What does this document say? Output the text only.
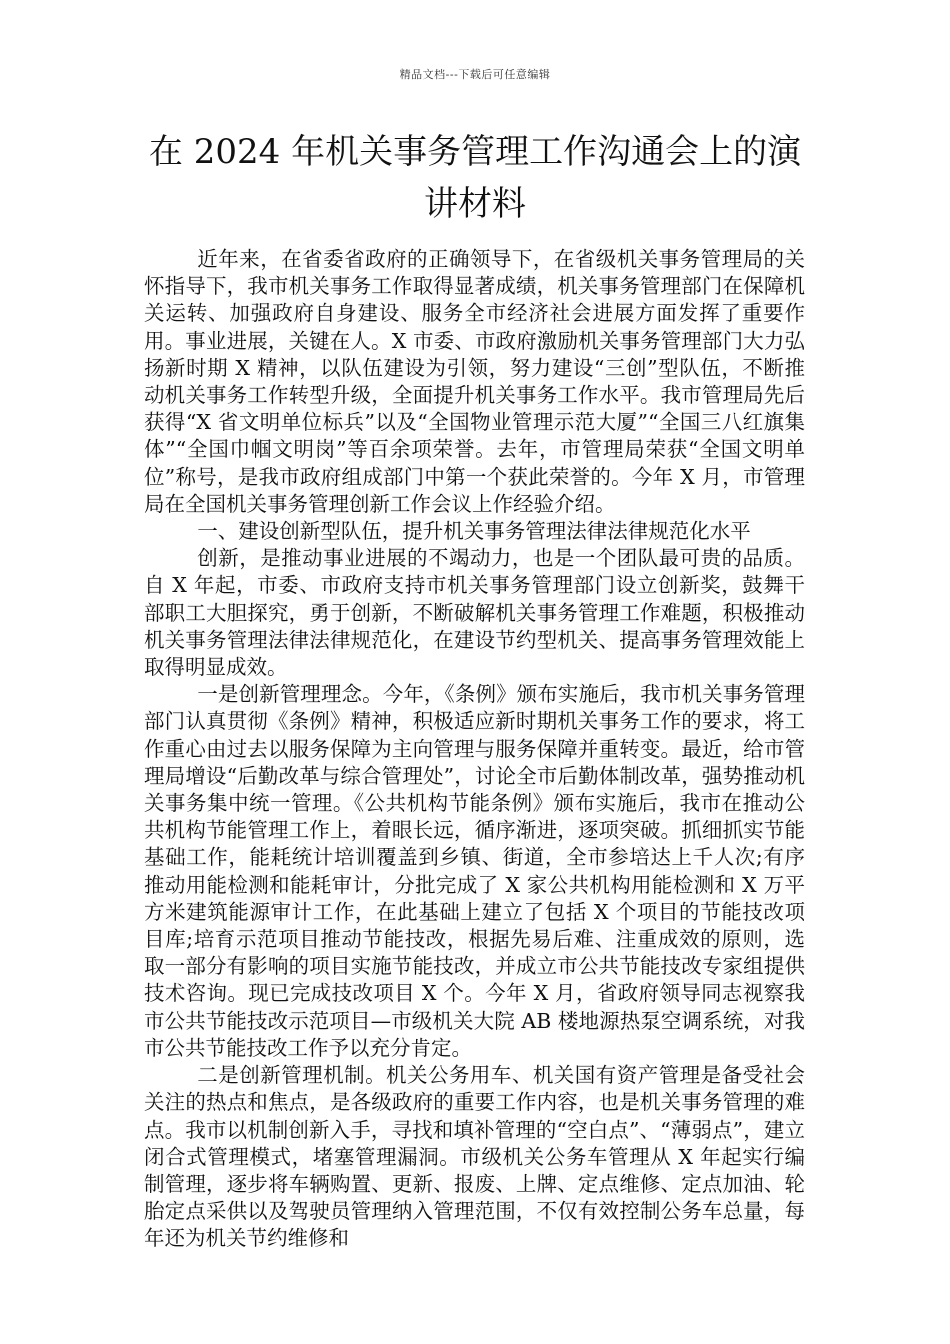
精品文档---下载后可任意编辑
在 2024 年机关事务管理工作沟通会上的演讲材料

近年来，在省委省政府的正确领导下，在省级机关事务管理局的关怀指导下，我市机关事务工作取得显著成绩，机关事务管理部门在保障机关运转、加强政府自身建设、服务全市经济社会进展方面发挥了重要作用。事业进展，关键在人。X 市委、市政府激励机关事务管理部门大力弘扬新时期 X 精神，以队伍建设为引领，努力建设“三创”型队伍，不断推动机关事务工作转型升级，全面提升机关事务工作水平。我市管理局先后获得“X 省文明单位标兵”以及“全国物业管理示范大厦”“全国三八红旗集体”“全国巾帼文明岗”等百余项荣誉。去年，市管理局荣获“全国文明单位”称号，是我市政府组成部门中第一个获此荣誉的。今年 X 月，市管理局在全国机关事务管理创新工作会议上作经验介绍。

一、建设创新型队伍，提升机关事务管理法律法律规范化水平

创新，是推动事业进展的不竭动力，也是一个团队最可贵的品质。自 X 年起，市委、市政府支持市机关事务管理部门设立创新奖，鼓舞干部职工大胆探究，勇于创新，不断破解机关事务管理工作难题，积极推动机关事务管理法律法律规范化，在建设节约型机关、提高事务管理效能上取得明显成效。

一是创新管理理念。今年，《条例》颁布实施后，我市机关事务管理部门认真贯彻《条例》精神，积极适应新时期机关事务工作的要求，将工作重心由过去以服务保障为主向管理与服务保障并重转变。最近，给市管理局增设“后勤改革与综合管理处”，讨论全市后勤体制改革，强势推动机关事务集中统一管理。《公共机构节能条例》颁布实施后，我市在推动公共机构节能管理工作上，着眼长远，循序渐进，逐项突破。抓细抓实节能基础工作，能耗统计培训覆盖到乡镇、街道，全市参培达上千人次;有序推动用能检测和能耗审计，分批完成了 X 家公共机构用能检测和 X 万平方米建筑能源审计工作，在此基础上建立了包括 X 个项目的节能技改项目库;培育示范项目推动节能技改，根据先易后难、注重成效的原则，选取一部分有影响的项目实施节能技改，并成立市公共节能技改专家组提供技术咨询。现已完成技改项目 X 个。今年 X 月，省政府领导同志视察我市公共节能技改示范项目—市级机关大院 AB 楼地源热泵空调系统，对我市公共节能技改工作予以充分肯定。

二是创新管理机制。机关公务用车、机关国有资产管理是备受社会关注的热点和焦点，是各级政府的重要工作内容，也是机关事务管理的难点。我市以机制创新入手，寻找和填补管理的“空白点”、“薄弱点”，建立闭合式管理模式，堵塞管理漏洞。市级机关公务车管理从 X 年起实行编制管理，逐步将车辆购置、更新、报废、上牌、定点维修、定点加油、轮胎定点采供以及驾驶员管理纳入管理范围，不仅有效控制公务车总量，每年还为机关节约维修和
